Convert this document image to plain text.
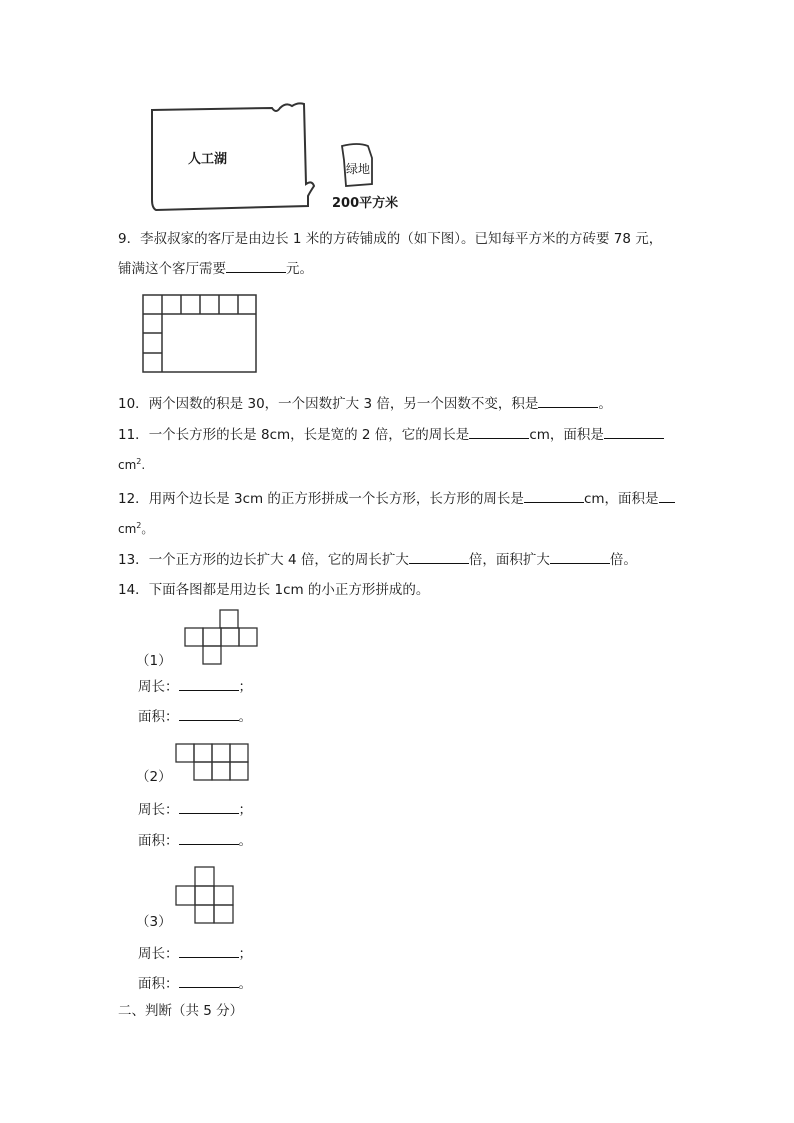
人工湖
绿地
200平方米
9．李叔叔家的客厅是由边长 1 米的方砖铺成的（如下图）。已知每平方米的方砖要 78 元，
铺满这个客厅需要	元。
10．两个因数的积是 30，一个因数扩大 3 倍，另一个因数不变，积是	。
11．一个长方形的长是 8cm，长是宽的 2 倍，它的周长是	cm，面积是
$cm^2$.
12．用两个边长是 3cm 的正方形拼成一个长方形，长方形的周长是	cm，面积是
$cm^2$。
13．一个正方形的边长扩大 4 倍，它的周长扩大	倍，面积扩大	倍。
14．下面各图都是用边长 1cm 的小正方形拼成的。
（1）
周长：	；
面积：	。
（2）
周长：	；
面积：	。
（3）
周长：	；
面积：	。
二、判断（共 5 分）
